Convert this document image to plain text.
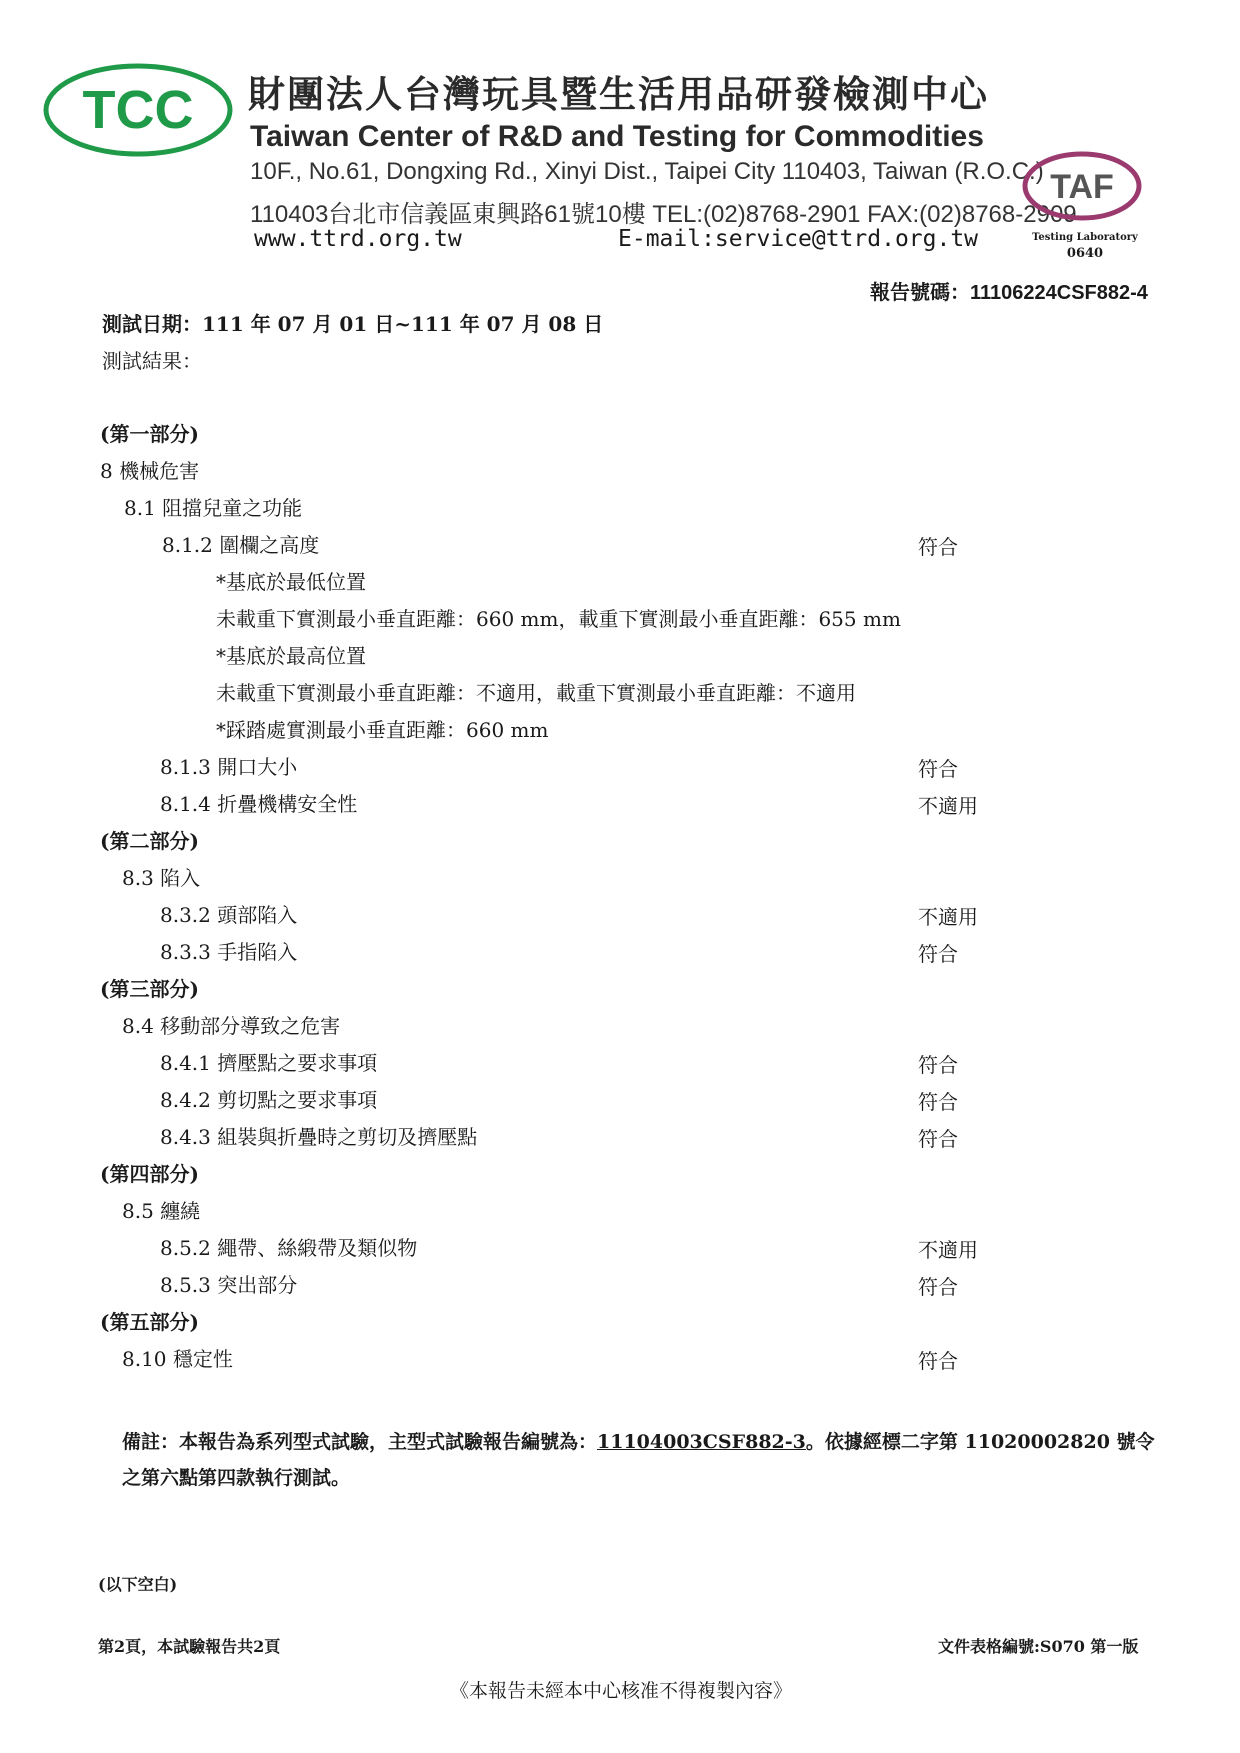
TCC 財團法人台灣玩具暨生活用品研發檢測中心
Taiwan Center of R&D and Testing for Commodities
10F., No.61, Dongxing Rd., Xinyi Dist., Taipei City 110403, Taiwan (R.O.C.)
110403台北市信義區東興路61號10樓 TEL:(02)8768-2901 FAX:(02)8768-2909
www.ttrd.org.tw	E-mail:service@ttrd.org.tw
TAF
Testing Laboratory
0640
報告號碼：11106224CSF882-4
測試日期：111 年 07 月 01 日~111 年 07 月 08 日
測試結果：
(第一部分)
8 機械危害
8.1 阻擋兒童之功能
8.1.2 圍欄之高度	符合
*基底於最低位置
未載重下實測最小垂直距離：660 mm，載重下實測最小垂直距離：655 mm
*基底於最高位置
未載重下實測最小垂直距離：不適用，載重下實測最小垂直距離：不適用
*踩踏處實測最小垂直距離：660 mm
8.1.3 開口大小	符合
8.1.4 折疊機構安全性	不適用
(第二部分)
8.3 陷入
8.3.2 頭部陷入	不適用
8.3.3 手指陷入	符合
(第三部分)
8.4 移動部分導致之危害
8.4.1 擠壓點之要求事項	符合
8.4.2 剪切點之要求事項	符合
8.4.3 組裝與折疊時之剪切及擠壓點	符合
(第四部分)
8.5 纏繞
8.5.2 繩帶、絲緞帶及類似物	不適用
8.5.3 突出部分	符合
(第五部分)
8.10 穩定性	符合
備註：本報告為系列型式試驗，主型式試驗報告編號為：11104003CSF882-3。依據經標二字第 11020002820 號令之第六點第四款執行測試。
(以下空白)
第2頁，本試驗報告共2頁	文件表格編號:S070 第一版
《本報告未經本中心核准不得複製內容》
